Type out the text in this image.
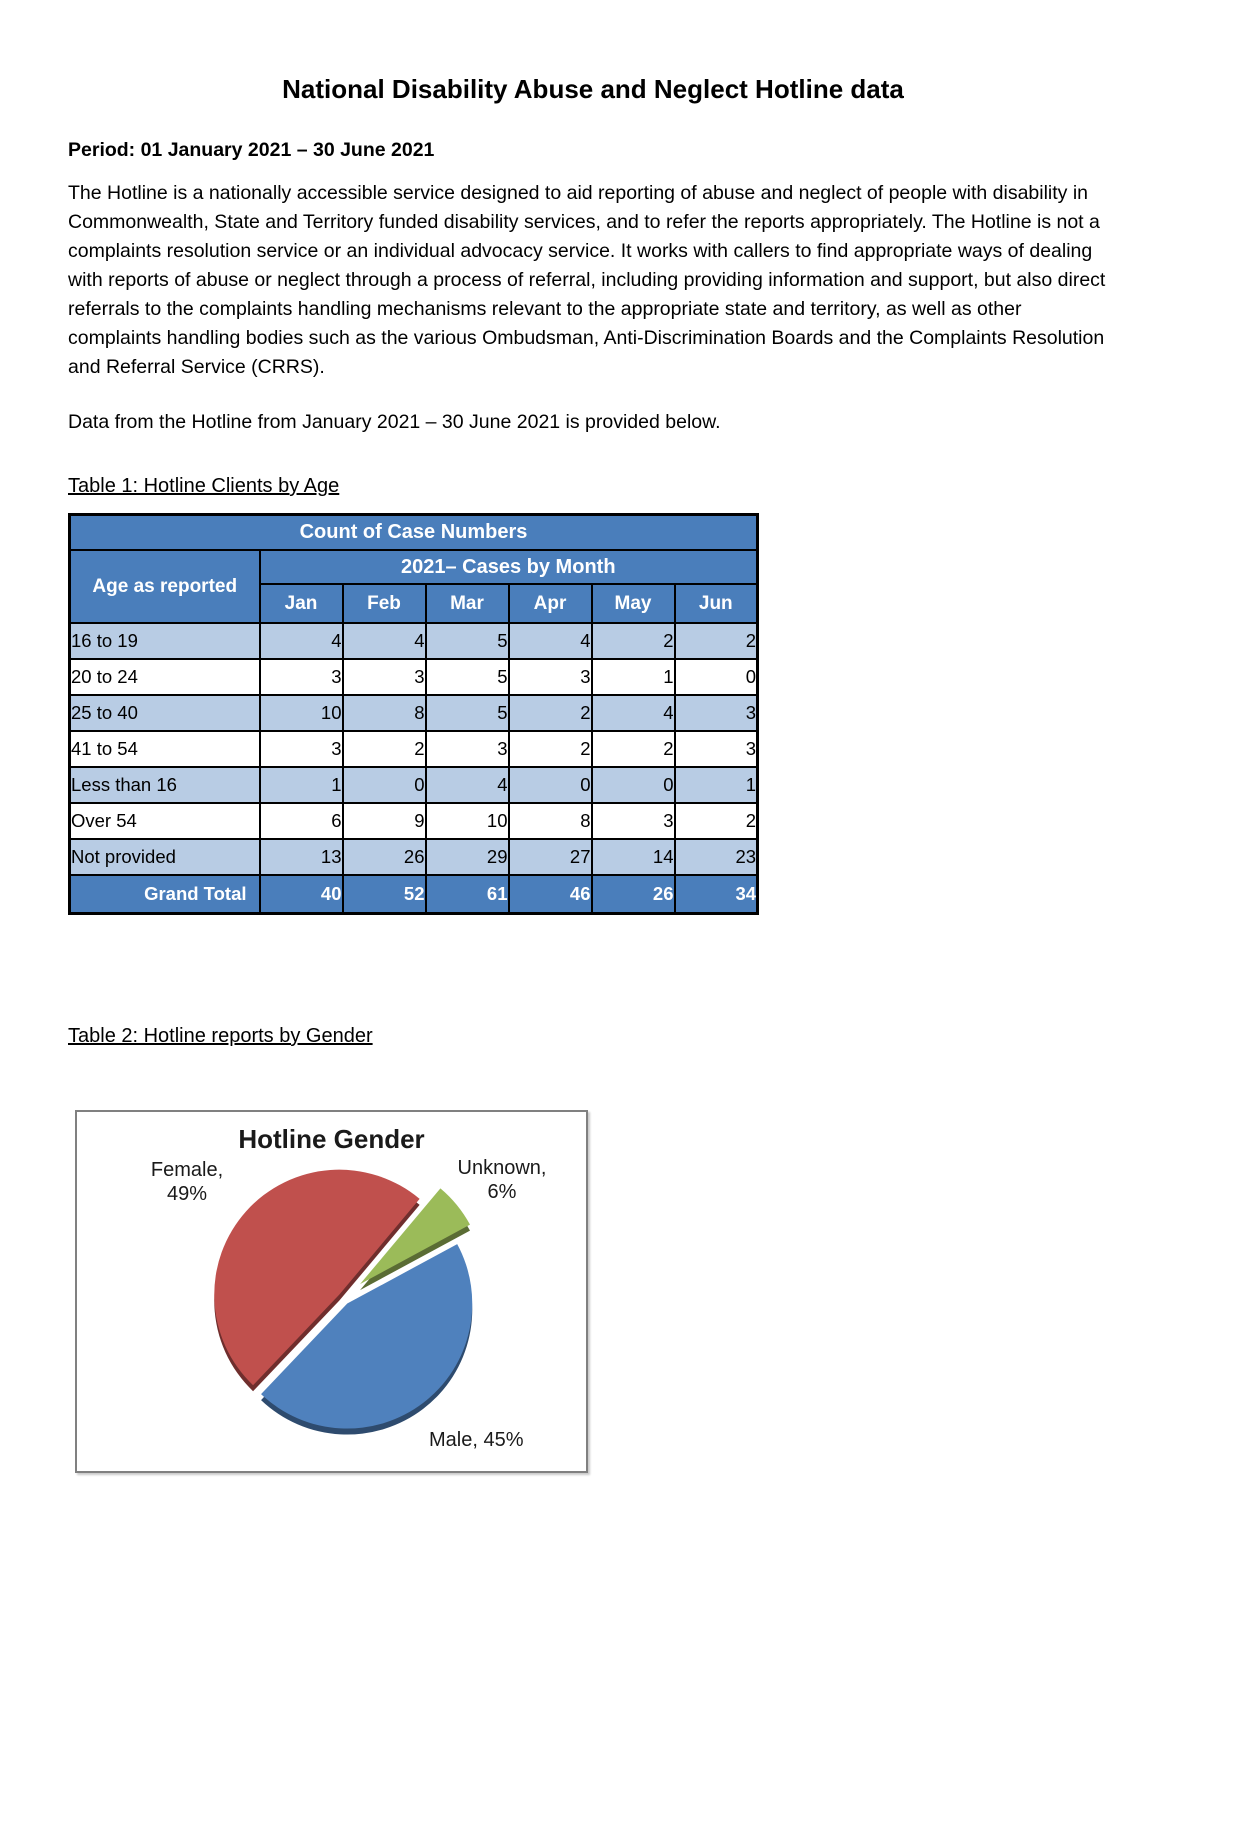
National Disability Abuse and Neglect Hotline data
Period: 01 January 2021 – 30 June 2021
The Hotline is a nationally accessible service designed to aid reporting of abuse and neglect of people with disability in Commonwealth, State and Territory funded disability services, and to refer the reports appropriately. The Hotline is not a complaints resolution service or an individual advocacy service. It works with callers to find appropriate ways of dealing with reports of abuse or neglect through a process of referral, including providing information and support, but also direct referrals to the complaints handling mechanisms relevant to the appropriate state and territory, as well as other complaints handling bodies such as the various Ombudsman, Anti-Discrimination Boards and the Complaints Resolution and Referral Service (CRRS).
Data from the Hotline from January 2021 – 30 June 2021 is provided below.
Table 1: Hotline Clients by Age
Count of Case Numbers						
Age as reported	2021– Cases by Month					
	Jan	Feb	Mar	Apr	May	Jun
16 to 19	4	4	5	4	2	2
20 to 24	3	3	5	3	1	0
25 to 40	10	8	5	2	4	3
41 to 54	3	2	3	2	2	3
Less than 16	1	0	4	0	0	1
Over 54	6	9	10	8	3	2
Not provided	13	26	29	27	14	23
Grand Total	40	52	61	46	26	34
Table 2: Hotline reports by Gender
Hotline Gender
Female,
49%
Unknown,
6%
Male, 45%
